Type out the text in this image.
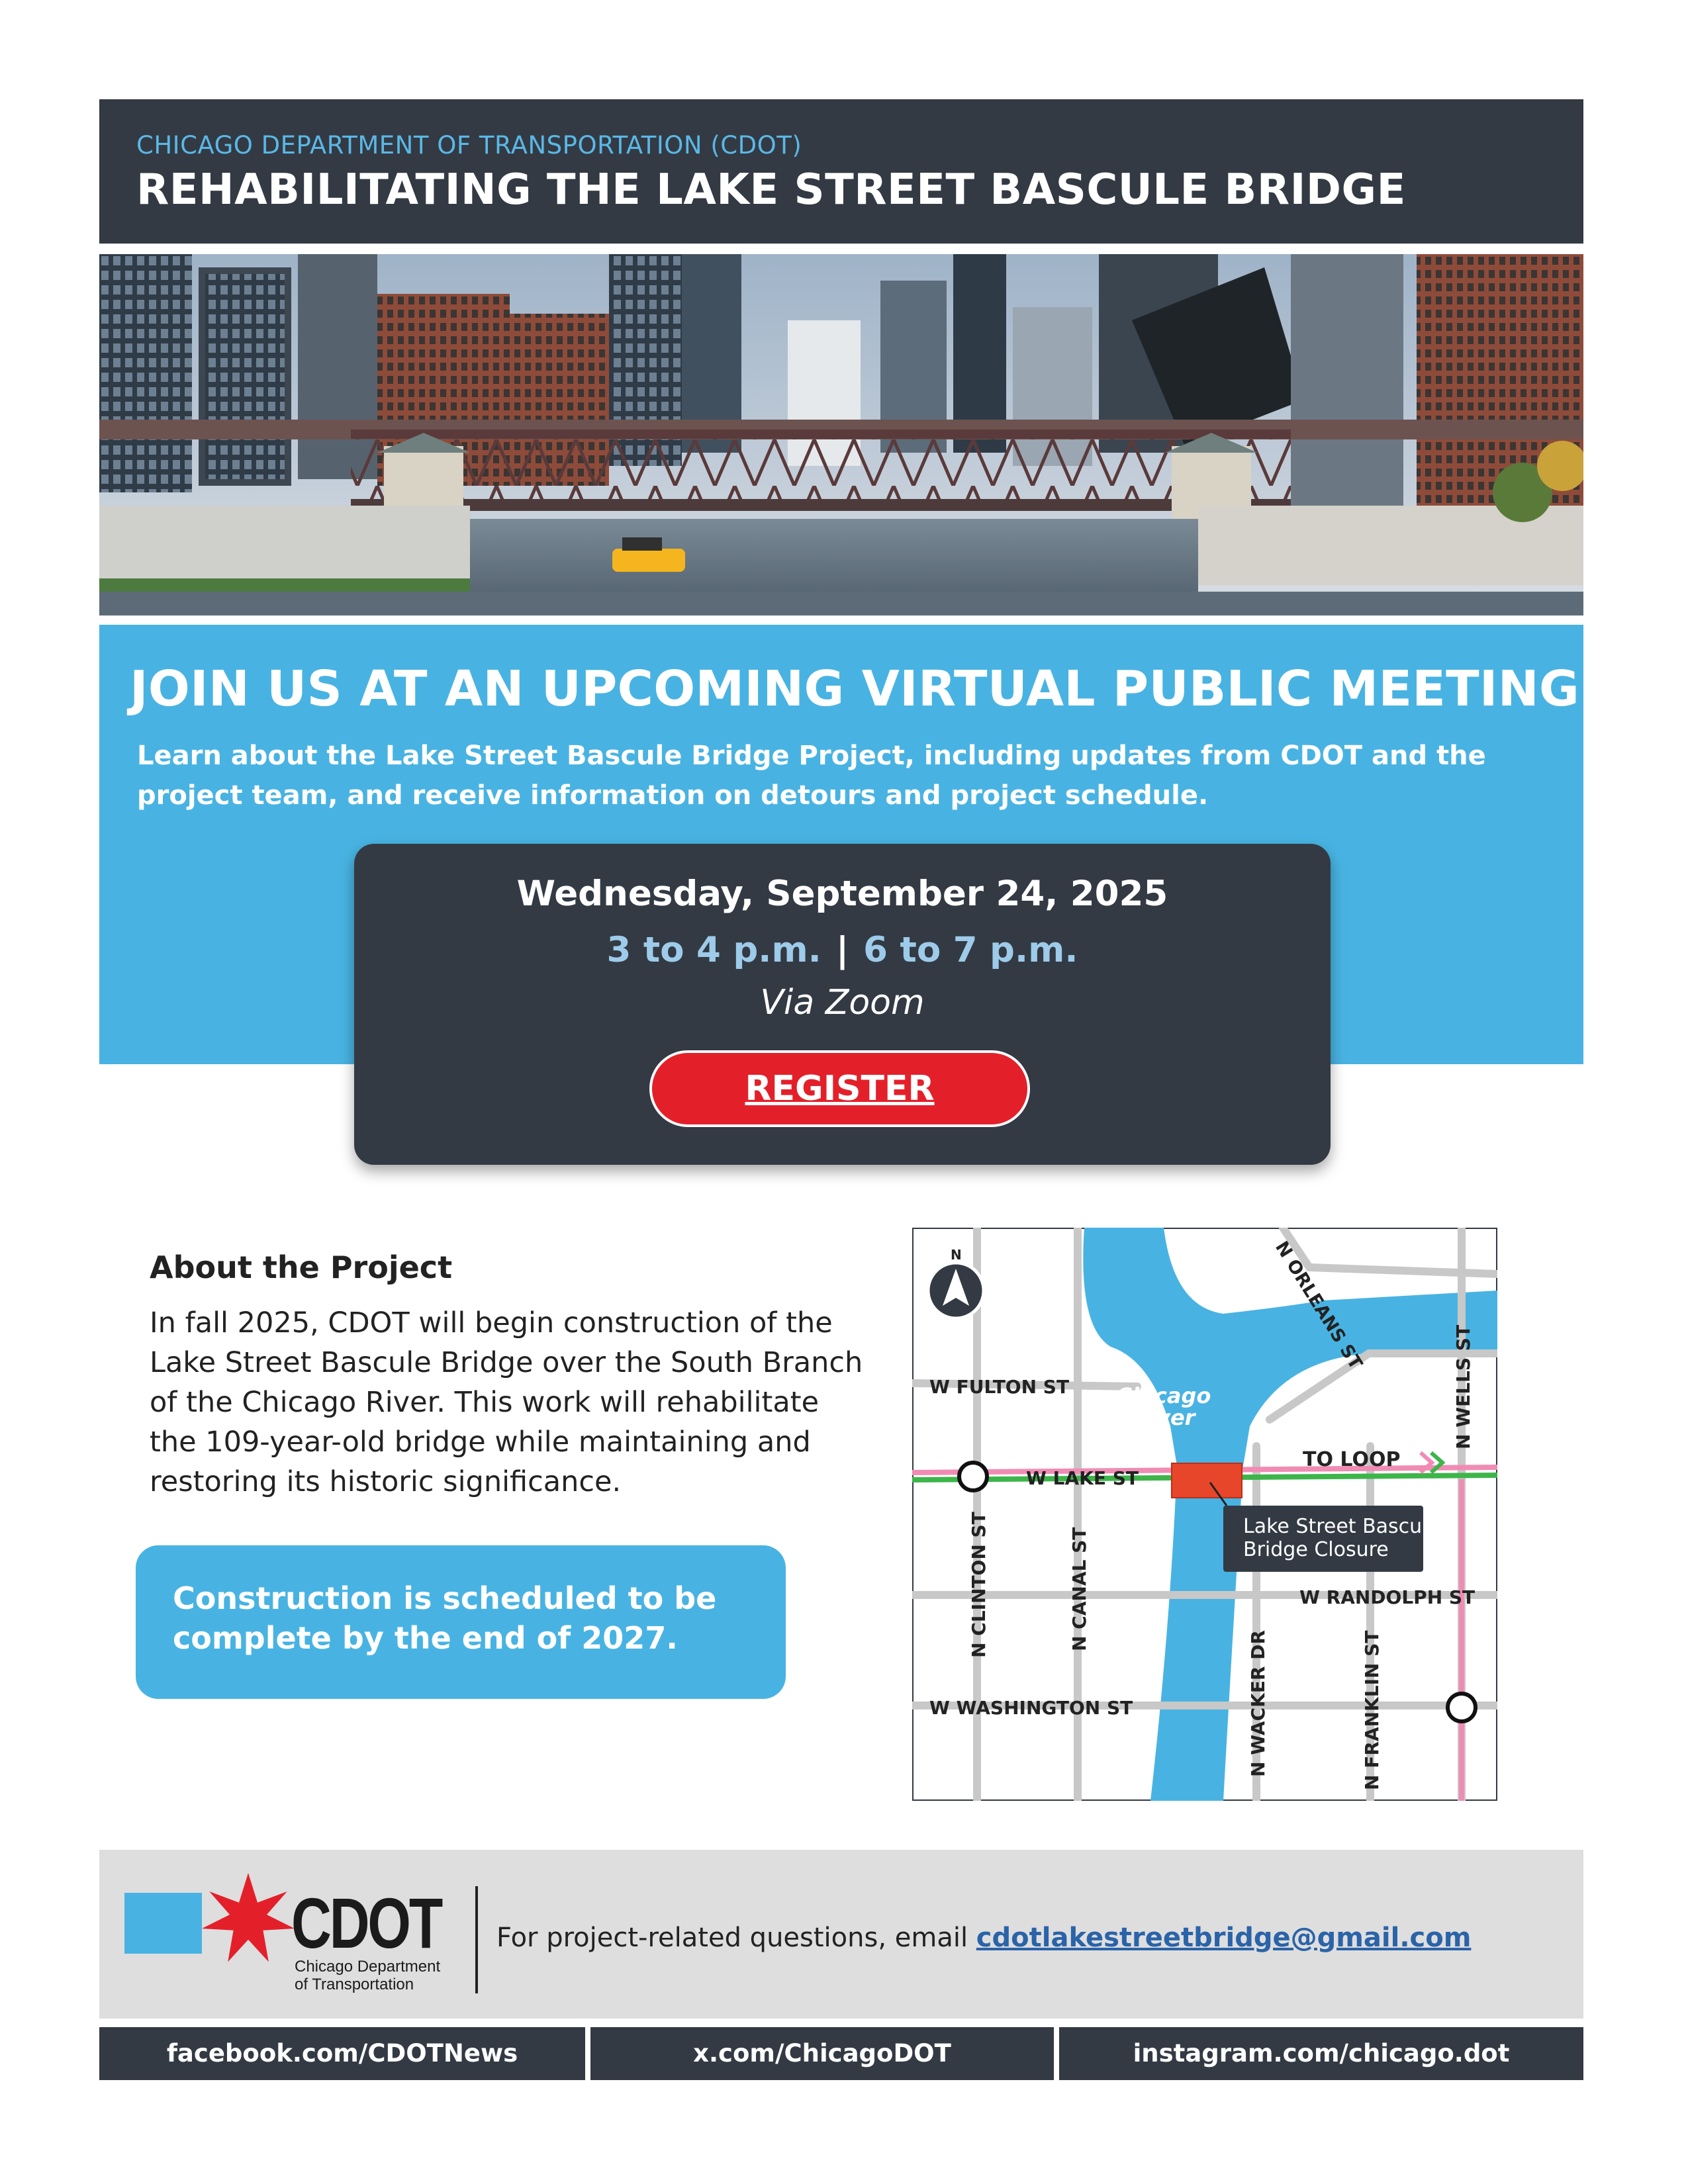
CHICAGO DEPARTMENT OF TRANSPORTATION (CDOT)
REHABILITATING THE LAKE STREET BASCULE BRIDGE
JOIN US AT AN UPCOMING VIRTUAL PUBLIC MEETING
Learn about the Lake Street Bascule Bridge Project, including updates from CDOT and the project team, and receive information on detours and project schedule.
Wednesday, September 24, 2025
3 to 4 p.m. | 6 to 7 p.m.
Via Zoom
REGISTER
About the Project
In fall 2025, CDOT will begin construction of the
Lake Street Bascule Bridge over the South Branch
of the Chicago River. This work will rehabilitate
the 109-year-old bridge while maintaining and
restoring its historic significance.
Construction is scheduled to be complete by the end of 2027.
N
Chicago
RIver
W FULTON ST
W LAKE ST
W RANDOLPH ST
W WASHINGTON ST
TO LOOP
Lake Street Bascule
Bridge Closure
N CLINTON ST	N CANAL ST
N WACKER DR	N FRANKLIN ST
N WELLS ST
N ORLEANS ST
CDOT
Chicago Department
of Transportation
For project-related questions, email cdotlakestreetbridge@gmail.com
facebook.com/CDOTNews	x.com/ChicagoDOT	instagram.com/chicago.dot
